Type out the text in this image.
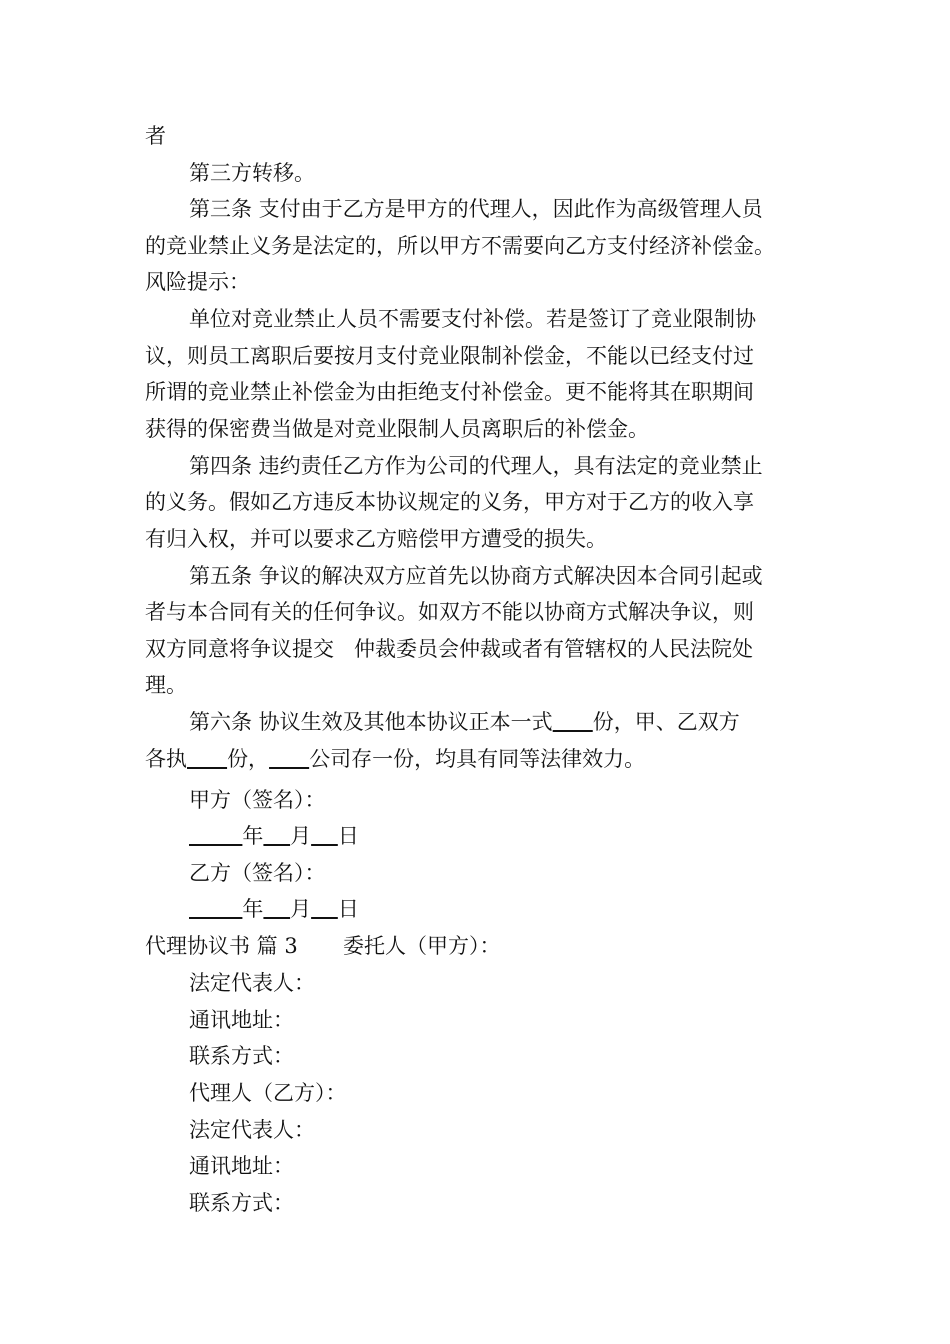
者
第三方转移。
第三条 支付由于乙方是甲方的代理人，因此作为高级管理人员
的竞业禁止义务是法定的，所以甲方不需要向乙方支付经济补偿金。
风险提示：
单位对竞业禁止人员不需要支付补偿。若是签订了竞业限制协
议，则员工离职后要按月支付竞业限制补偿金，不能以已经支付过
所谓的竞业禁止补偿金为由拒绝支付补偿金。更不能将其在职期间
获得的保密费当做是对竞业限制人员离职后的补偿金。
第四条 违约责任乙方作为公司的代理人，具有法定的竞业禁止
的义务。假如乙方违反本协议规定的义务，甲方对于乙方的收入享
有归入权，并可以要求乙方赔偿甲方遭受的损失。
第五条 争议的解决双方应首先以协商方式解决因本合同引起或
者与本合同有关的任何争议。如双方不能以协商方式解决争议，则
双方同意将争议提交   仲裁委员会仲裁或者有管辖权的人民法院处
理。
第六条 协议生效及其他本协议正本一式 份，甲、乙双方
各执 份， 公司存一份，均具有同等法律效力。
甲方（签名）：
年 月 日
乙方（签名）：
年 月 日
代理协议书 篇 3 委托人（甲方）：
法定代表人：
通讯地址：
联系方式：
代理人（乙方）：
法定代表人：
通讯地址：
联系方式：
